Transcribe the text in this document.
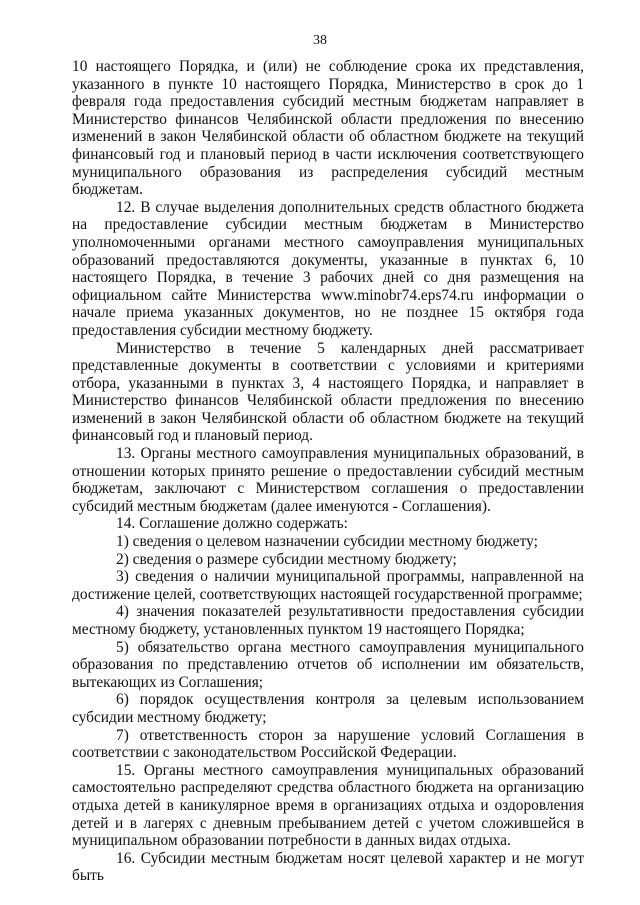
38

10 настоящего Порядка, и (или) не соблюдение срока их представления, указанного в пункте 10 настоящего Порядка, Министерство в срок до 1 февраля года предоставления субсидий местным бюджетам направляет в Министерство финансов Челябинской области предложения по внесению изменений в закон Челябинской области об областном бюджете на текущий финансовый год и плановый период в части исключения соответствующего муниципального образования из распределения субсидий местным бюджетам.

12. В случае выделения дополнительных средств областного бюджета на предоставление субсидии местным бюджетам в Министерство уполномоченными органами местного самоуправления муниципальных образований предоставляются документы, указанные в пунктах 6, 10 настоящего Порядка, в течение 3 рабочих дней со дня размещения на официальном сайте Министерства www.minobr74.eps74.ru информации о начале приема указанных документов, но не позднее 15 октября года предоставления субсидии местному бюджету.

Министерство в течение 5 календарных дней рассматривает представленные документы в соответствии с условиями и критериями отбора, указанными в пунктах 3, 4 настоящего Порядка, и направляет в Министерство финансов Челябинской области предложения по внесению изменений в закон Челябинской области об областном бюджете на текущий финансовый год и плановый период.

13. Органы местного самоуправления муниципальных образований, в отношении которых принято решение о предоставлении субсидий местным бюджетам, заключают с Министерством соглашения о предоставлении субсидий местным бюджетам (далее именуются - Соглашения).

14. Соглашение должно содержать:

1) сведения о целевом назначении субсидии местному бюджету;

2) сведения о размере субсидии местному бюджету;

3) сведения о наличии муниципальной программы, направленной на достижение целей, соответствующих настоящей государственной программе;

4) значения показателей результативности предоставления субсидии местному бюджету, установленных пунктом 19 настоящего Порядка;

5) обязательство органа местного самоуправления муниципального образования по представлению отчетов об исполнении им обязательств, вытекающих из Соглашения;

6) порядок осуществления контроля за целевым использованием субсидии местному бюджету;

7) ответственность сторон за нарушение условий Соглашения в соответствии с законодательством Российской Федерации.

15. Органы местного самоуправления муниципальных образований самостоятельно распределяют средства областного бюджета на организацию отдыха детей в каникулярное время в организациях отдыха и оздоровления детей и в лагерях с дневным пребыванием детей с учетом сложившейся в муниципальном образовании потребности в данных видах отдыха.

16. Субсидии местным бюджетам носят целевой характер и не могут быть
